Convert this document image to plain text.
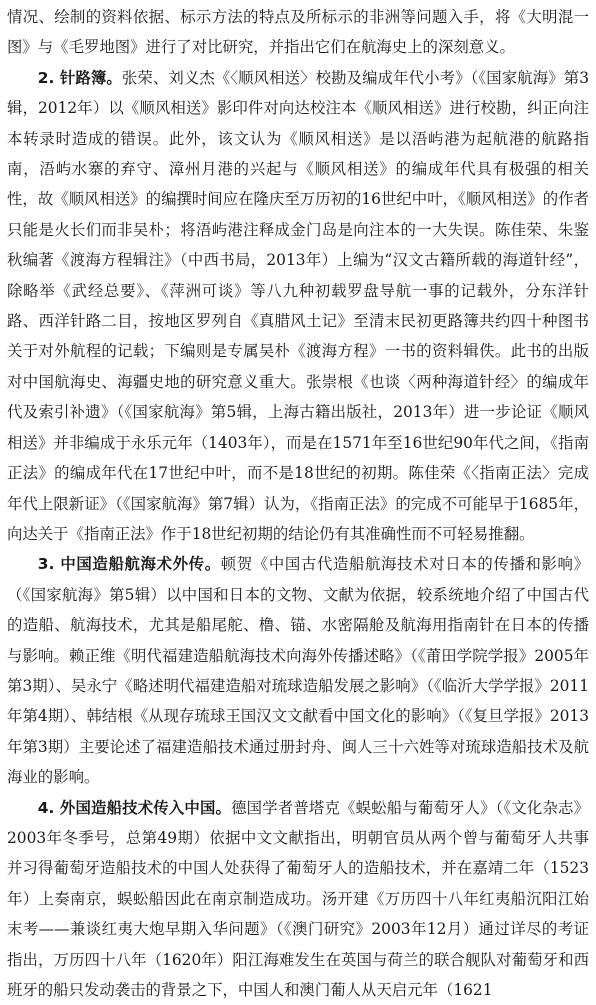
情况、绘制的资料依据、标示方法的特点及所标示的非洲等问题入手，将《大明混一图》与《毛罗地图》进行了对比研究，并指出它们在航海史上的深刻意义。

2. 针路簿。张荣、刘义杰《〈顺风相送〉校勘及编成年代小考》（《国家航海》第3辑，2012年）以《顺风相送》影印件对向达校注本《顺风相送》进行校勘，纠正向注本转录时造成的错误。此外，该文认为《顺风相送》是以浯屿港为起航港的航路指南，浯屿水寨的弃守、漳州月港的兴起与《顺风相送》的编成年代具有极强的相关性，故《顺风相送》的编撰时间应在隆庆至万历初的16世纪中叶，《顺风相送》的作者只能是火长们而非吴朴；将浯屿港注释成金门岛是向注本的一大失误。陈佳荣、朱鉴秋编著《渡海方程辑注》（中西书局，2013年）上编为“汉文古籍所载的海道针经”，除略举《武经总要》、《萍洲可谈》等八九种初载罗盘导航一事的记载外，分东洋针路、西洋针路二目，按地区罗列自《真腊风土记》至清末民初更路簿共约四十种图书关于对外航程的记载；下编则是专属吴朴《渡海方程》一书的资料辑佚。此书的出版对中国航海史、海疆史地的研究意义重大。张崇根《也谈〈两种海道针经〉的编成年代及索引补遗》（《国家航海》第5辑，上海古籍出版社，2013年）进一步论证《顺风相送》并非编成于永乐元年（1403年），而是在1571年至16世纪90年代之间，《指南正法》的编成年代在17世纪中叶，而不是18世纪的初期。陈佳荣《〈指南正法〉完成年代上限新证》（《国家航海》第7辑）认为，《指南正法》的完成不可能早于1685年，向达关于《指南正法》作于18世纪初期的结论仍有其准确性而不可轻易推翻。

3. 中国造船航海术外传。顿贺《中国古代造船航海技术对日本的传播和影响》（《国家航海》第5辑）以中国和日本的文物、文献为依据，较系统地介绍了中国古代的造船、航海技术，尤其是船尾舵、橹、锚、水密隔舱及航海用指南针在日本的传播与影响。赖正维《明代福建造船航海技术向海外传播述略》（《莆田学院学报》2005年第3期）、吴永宁《略述明代福建造船对琉球造船发展之影响》（《临沂大学学报》2011年第4期）、韩结根《从现存琉球王国汉文文献看中国文化的影响》（《复旦学报》2013年第3期）主要论述了福建造船技术通过册封舟、闽人三十六姓等对琉球造船技术及航海业的影响。

4. 外国造船技术传入中国。德国学者普塔克《蜈蚣船与葡萄牙人》（《文化杂志》2003年冬季号，总第49期）依据中文文献指出，明朝官员从两个曾与葡萄牙人共事并习得葡萄牙造船技术的中国人处获得了葡萄牙人的造船技术，并在嘉靖二年（1523年）上奏南京，蜈蚣船因此在南京制造成功。汤开建《万历四十八年红夷船沉阳江始末考——兼谈红夷大炮早期入华问题》（《澳门研究》2003年12月）通过详尽的考证指出，万历四十八年（1620年）阳江海难发生在英国与荷兰的联合舰队对葡萄牙和西班牙的船只发动袭击的背景之下，中国人和澳门葡人从天启元年（1621
